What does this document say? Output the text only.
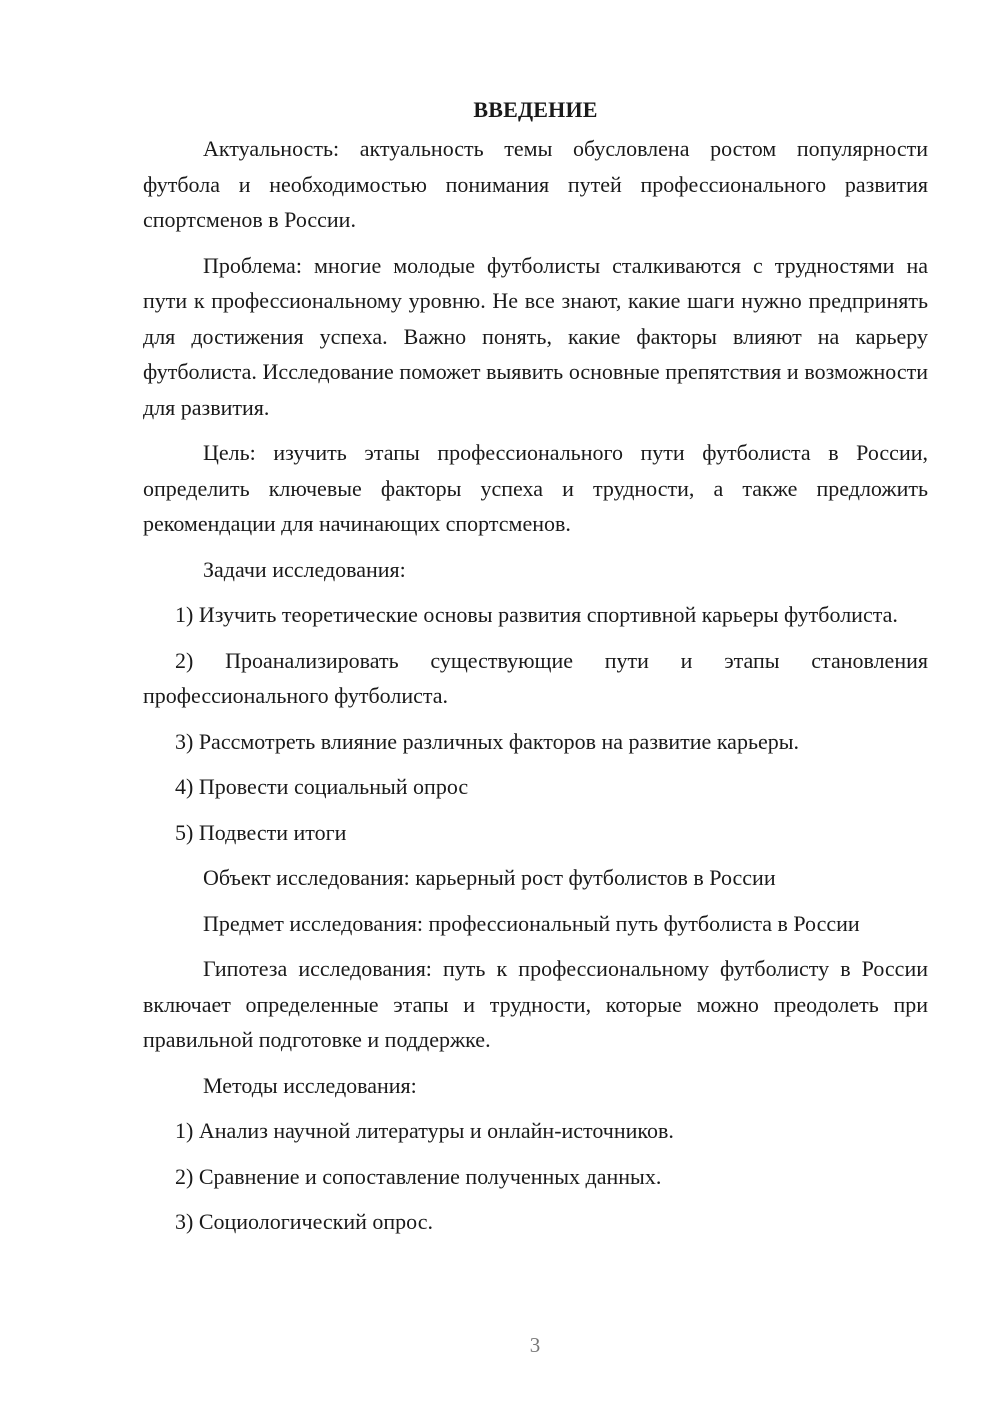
ВВЕДЕНИЕ

Актуальность: актуальность темы обусловлена ростом популярности футбола и необходимостью понимания путей профессионального развития спортсменов в России.

Проблема: многие молодые футболисты сталкиваются с трудностями на пути к профессиональному уровню. Не все знают, какие шаги нужно предпринять для достижения успеха. Важно понять, какие факторы влияют на карьеру футболиста. Исследование поможет выявить основные препятствия и возможности для развития.

Цель: изучить этапы профессионального пути футболиста в России, определить ключевые факторы успеха и трудности, а также предложить рекомендации для начинающих спортсменов.

Задачи исследования:

1) Изучить теоретические основы развития спортивной карьеры футболиста.

2) Проанализировать существующие пути и этапы становления профессионального футболиста.

3) Рассмотреть влияние различных факторов на развитие карьеры.

4) Провести социальный опрос

5) Подвести итоги

Объект исследования: карьерный рост футболистов в России

Предмет исследования: профессиональный путь футболиста в России

Гипотеза исследования: путь к профессиональному футболисту в России включает определенные этапы и трудности, которые можно преодолеть при правильной подготовке и поддержке.

Методы исследования:

1) Анализ научной литературы и онлайн-источников.

2) Сравнение и сопоставление полученных данных.

3) Социологический опрос.

3
